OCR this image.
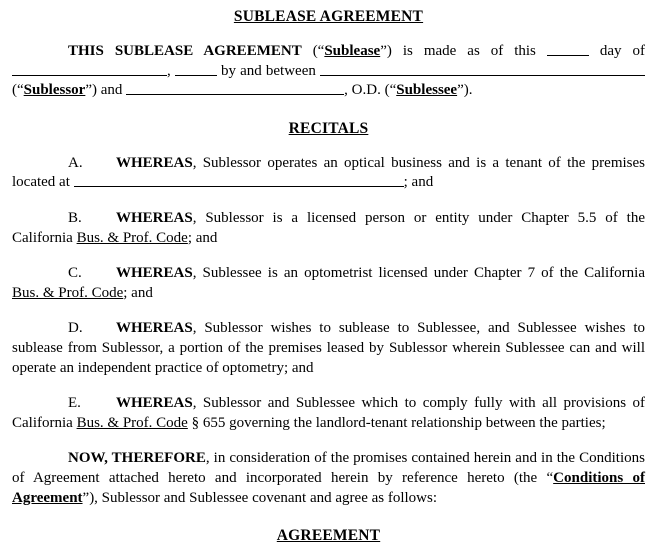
SUBLEASE AGREEMENT

THIS SUBLEASE AGREEMENT (“Sublease”) is made as of this	day of ,	by and between  (“Sublessor”) and	, O.D. (“Sublessee”).

RECITALS

A. WHEREAS, Sublessor operates an optical business and is a tenant of the premises located at	; and

B. WHEREAS, Sublessor is a licensed person or entity under Chapter 5.5 of the California Bus. & Prof. Code; and

C. WHEREAS, Sublessee is an optometrist licensed under Chapter 7 of the California Bus. & Prof. Code; and

D. WHEREAS, Sublessor wishes to sublease to Sublessee, and Sublessee wishes to sublease from Sublessor, a portion of the premises leased by Sublessor wherein Sublessee can and will operate an independent practice of optometry; and

E. WHEREAS, Sublessor and Sublessee which to comply fully with all provisions of California Bus. & Prof. Code § 655 governing the landlord-tenant relationship between the parties;

NOW, THEREFORE, in consideration of the promises contained herein and in the Conditions of Agreement attached hereto and incorporated herein by reference hereto (the “Conditions of Agreement”), Sublessor and Sublessee covenant and agree as follows:

AGREEMENT
